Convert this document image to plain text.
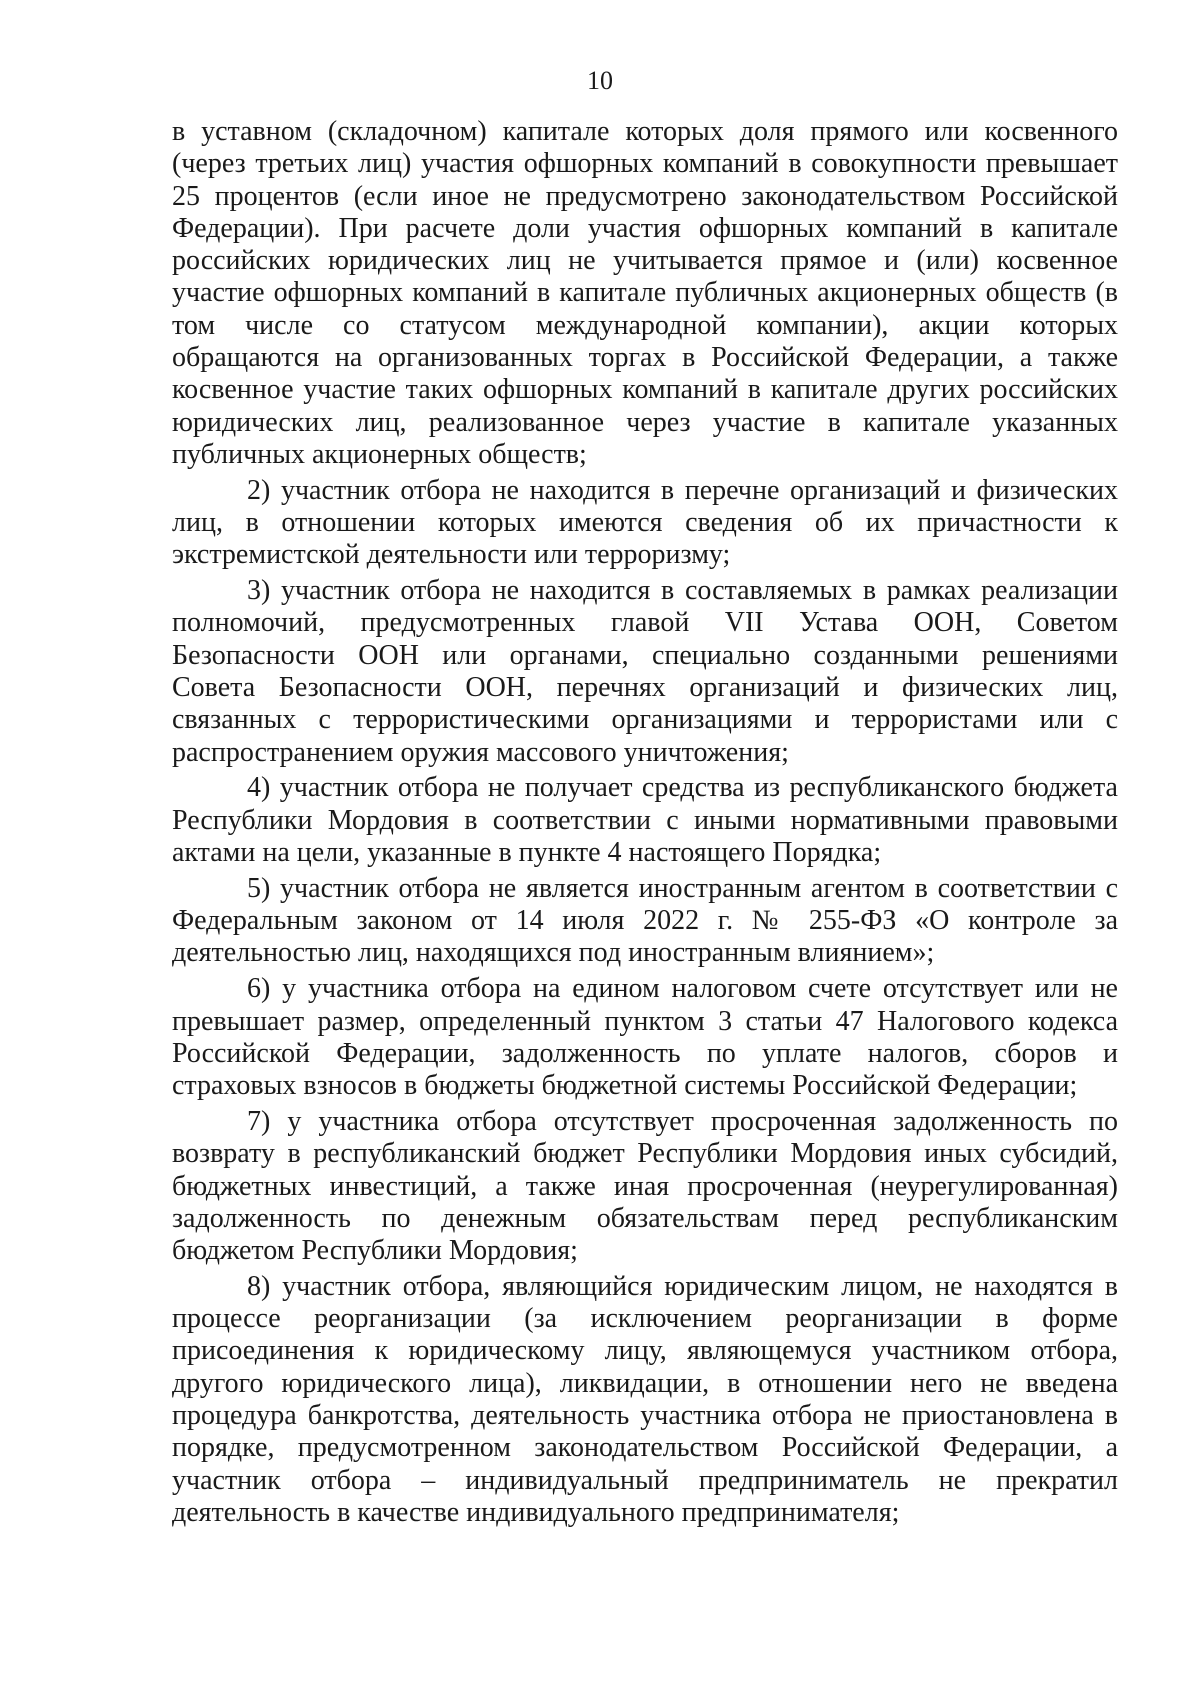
10

в уставном (складочном) капитале которых доля прямого или косвенного
(через третьих лиц) участия офшорных компаний в совокупности превышает
25 процентов (если иное не предусмотрено законодательством Российской
Федерации). При расчете доли участия офшорных компаний в капитале
российских юридических лиц не учитывается прямое и (или) косвенное
участие офшорных компаний в капитале публичных акционерных обществ (в
том числе со статусом международной компании), акции которых
обращаются на организованных торгах в Российской Федерации, а также
косвенное участие таких офшорных компаний в капитале других российских
юридических лиц, реализованное через участие в капитале указанных
публичных акционерных обществ;

2) участник отбора не находится в перечне организаций и физических
лиц, в отношении которых имеются сведения об их причастности к
экстремистской деятельности или терроризму;

3) участник отбора не находится в составляемых в рамках реализации
полномочий, предусмотренных главой VII Устава ООН, Советом
Безопасности ООН или органами, специально созданными решениями
Совета Безопасности ООН, перечнях организаций и физических лиц,
связанных с террористическими организациями и террористами или с
распространением оружия массового уничтожения;

4) участник отбора не получает средства из республиканского бюджета
Республики Мордовия в соответствии с иными нормативными правовыми
актами на цели, указанные в пункте 4 настоящего Порядка;

5) участник отбора не является иностранным агентом в соответствии с
Федеральным законом от 14 июля 2022 г. № 255-ФЗ «О контроле за
деятельностью лиц, находящихся под иностранным влиянием»;

6) у участника отбора на едином налоговом счете отсутствует или не
превышает размер, определенный пунктом 3 статьи 47 Налогового кодекса
Российской Федерации, задолженность по уплате налогов, сборов и
страховых взносов в бюджеты бюджетной системы Российской Федерации;

7) у участника отбора отсутствует просроченная задолженность по
возврату в республиканский бюджет Республики Мордовия иных субсидий,
бюджетных инвестиций, а также иная просроченная (неурегулированная)
задолженность по денежным обязательствам перед республиканским
бюджетом Республики Мордовия;

8) участник отбора, являющийся юридическим лицом, не находятся в
процессе реорганизации (за исключением реорганизации в форме
присоединения к юридическому лицу, являющемуся участником отбора,
другого юридического лица), ликвидации, в отношении него не введена
процедура банкротства, деятельность участника отбора не приостановлена в
порядке, предусмотренном законодательством Российской Федерации, а
участник отбора – индивидуальный предприниматель не прекратил
деятельность в качестве индивидуального предпринимателя;
